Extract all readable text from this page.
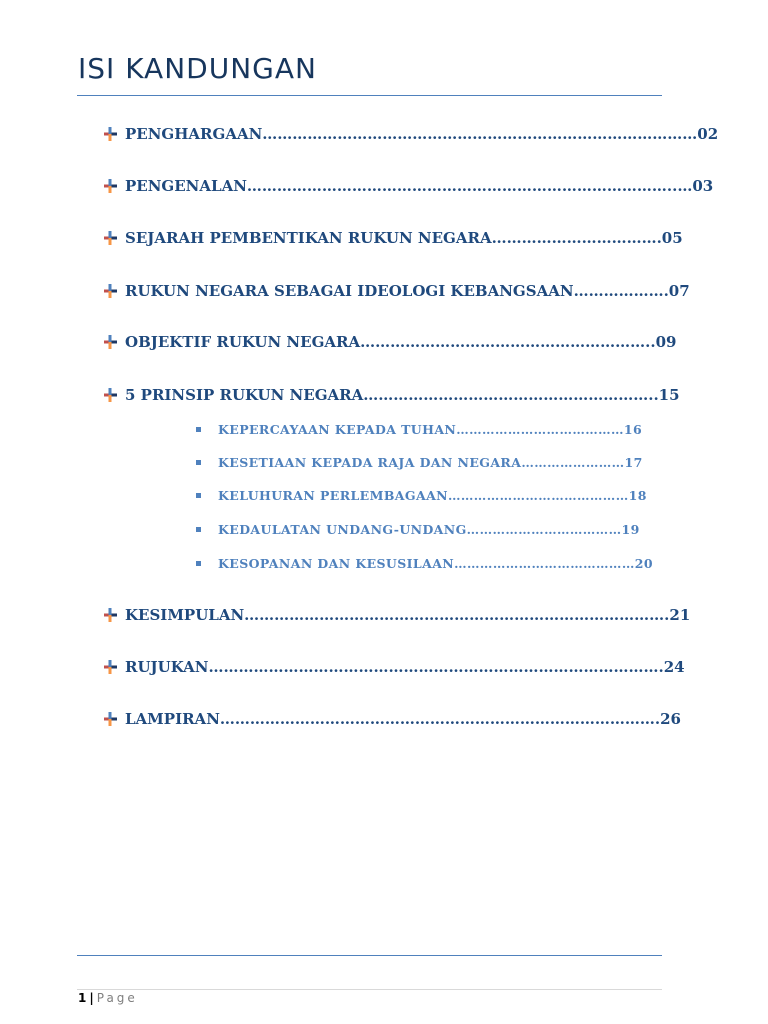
ISI KANDUNGAN
PENGHARGAAN……………………………………………………………………………02
PENGENALAN…………………………………………………………………………..…03
SEJARAH PEMBENTIKAN RUKUN NEGARA…………………………….05
RUKUN NEGARA SEBAGAI IDEOLOGI KEBANGSAAN……………….07
OBJEKTIF RUKUN NEGARA…………………………………………………..09
5 PRINSIP RUKUN NEGARA…………………………………………………..15
KEPERCAYAAN KEPADA TUHAN…………………………………16
KESETIAAN KEPADA RAJA DAN NEGARA……………………17
KELUHURAN PERLEMBAGAAN……………………………………18
KEDAULATAN UNDANG-UNDANG………………………………19
KESOPANAN DAN KESUSILAAN……………………………………20
KESIMPULAN………………………………………………………………………….21
RUJUKAN……………………………………………………………………………….24
LAMPIRAN…………………………………………………………………………….26
1 | Page
